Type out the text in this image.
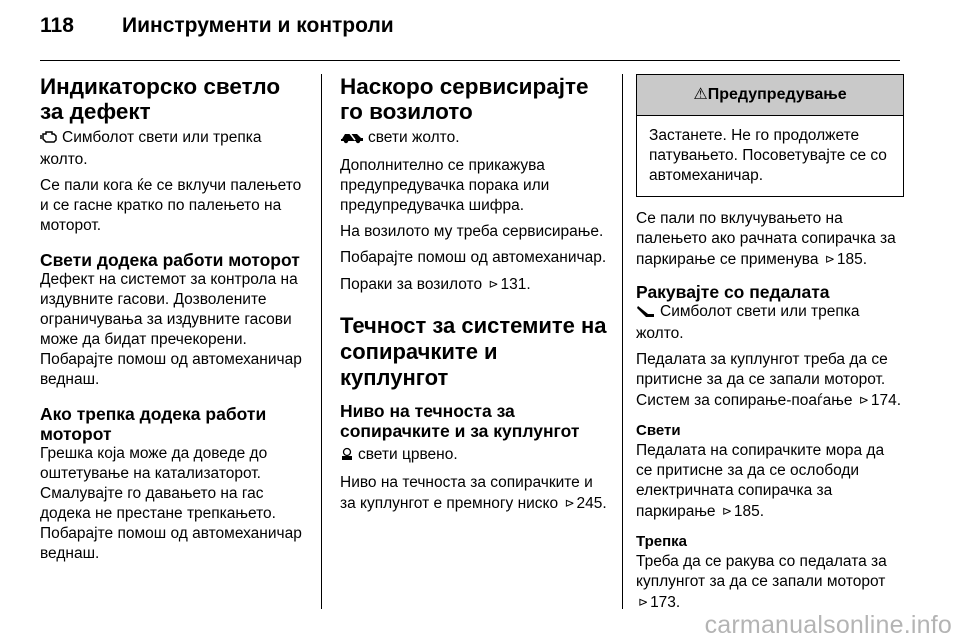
118	Иинструменти и контроли
Индикаторско светло за дефект

Симболот свети или трепка жолто.

Се пали кога ќе се вклучи палењето и се гасне кратко по палењето на моторот.

Свети додека работи моторот

Дефект на системот за контрола на издувните гасови. Дозволените ограничувања за издувните гасови може да бидат пречекорени. Побарајте помош од автомеханичар веднаш.

Ако трепка додека работи моторот

Грешка која може да доведе до оштетување на катализаторот. Смалувајте го давањето на гас додека не престане трепкањето. Побарајте помош од автомеханичар веднаш.

Наскоро сервисирајте го возилото

свети жолто.

Дополнително се прикажува предупредувачка порака или предупредувачка шифра.

На возилото му треба сервисирање.

Побарајте помош од автомеханичар.

Пораки за возилото ⊳ 131.

Течност за системите на сопирачките и куплунгот
Ниво на течноста за сопирачките и за куплунгот

свети црвено.

Ниво на течноста за сопирачките и за куплунгот е премногу ниско ⊳ 245.

⚠Предупредување
Застанете. Не го продолжете патувањето. Посоветувајте се со автомеханичар.

Се пали по вклучувањето на палењето ако рачната сопирачка за паркирање се применува ⊳ 185.

Ракувајте со педалата

Симболот свети или трепка жолто.

Педалата за куплунгот треба да се притисне за да се запали моторот. Систем за сопирање-поаѓање ⊳ 174.

Свети

Педалата на сопирачките мора да се притисне за да се ослободи електричната сопирачка за паркирање ⊳ 185.

Трепка

Треба да се ракува со педалата за куплунгот за да се запали моторот ⊳ 173.

carmanualsonline.info
